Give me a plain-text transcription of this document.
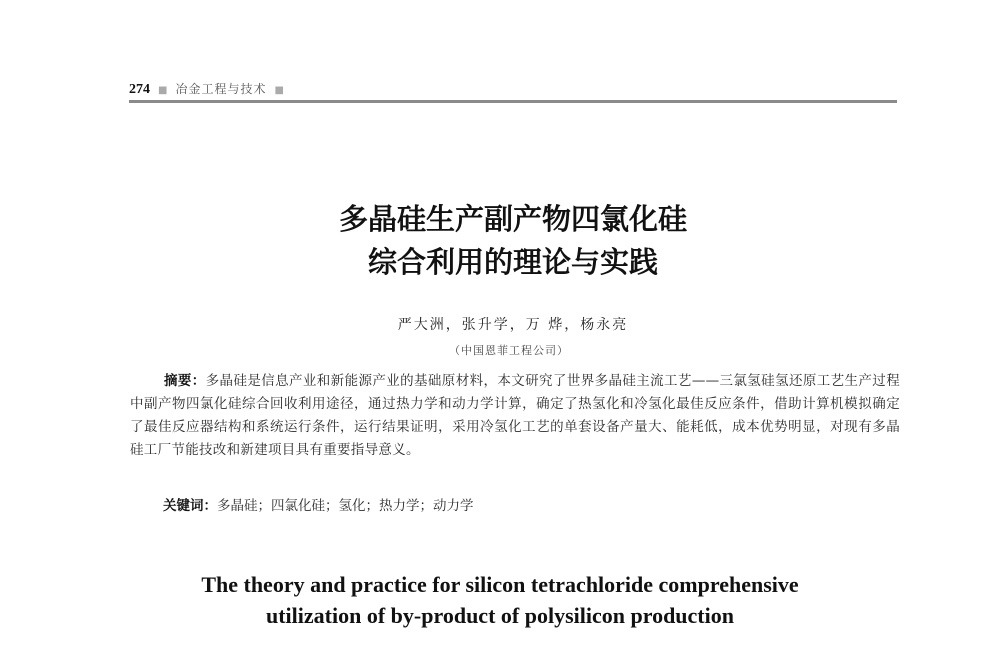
274 ■ 冶金工程与技术 ■
多晶硅生产副产物四氯化硅
综合利用的理论与实践
严大洲，张升学，万 烨，杨永亮
（中国恩菲工程公司）
摘要：多晶硅是信息产业和新能源产业的基础原材料，本文研究了世界多晶硅主流工艺——三氯氢硅氢还原工艺生产过程中副产物四氯化硅综合回收利用途径，通过热力学和动力学计算，确定了热氢化和冷氢化最佳反应条件，借助计算机模拟确定了最佳反应器结构和系统运行条件，运行结果证明，采用冷氢化工艺的单套设备产量大、能耗低，成本优势明显，对现有多晶硅工厂节能技改和新建项目具有重要指导意义。
关键词：多晶硅；四氯化硅；氢化；热力学；动力学
The theory and practice for silicon tetrachloride comprehensive
utilization of by-product of polysilicon production
